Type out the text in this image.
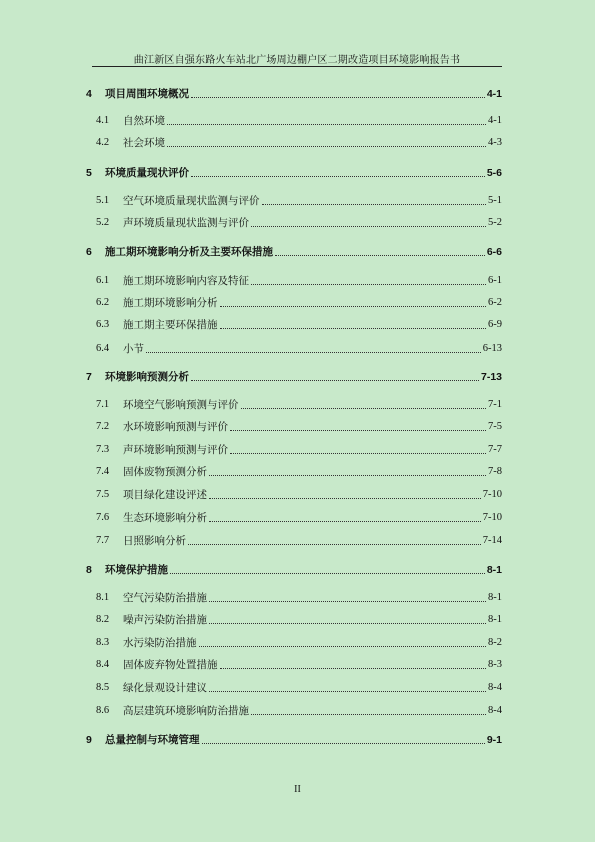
曲江新区自强东路火车站北广场周边棚户区二期改造项目环境影响报告书
4	项目周围环境概况	4-1
4.1	自然环境	4-1
4.2	社会环境	4-3
5	环境质量现状评价	5-6
5.1	空气环境质量现状监测与评价	5-1
5.2	声环境质量现状监测与评价	5-2
6	施工期环境影响分析及主要环保措施	6-6
6.1	施工期环境影响内容及特征	6-1
6.2	施工期环境影响分析	6-2
6.3	施工期主要环保措施	6-9
6.4	小节	6-13
7	环境影响预测分析	7-13
7.1	环境空气影响预测与评价	7-1
7.2	水环境影响预测与评价	7-5
7.3	声环境影响预测与评价	7-7
7.4	固体废物预测分析	7-8
7.5	项目绿化建设评述	7-10
7.6	生态环境影响分析	7-10
7.7	日照影响分析	7-14
8	环境保护措施	8-1
8.1	空气污染防治措施	8-1
8.2	噪声污染防治措施	8-1
8.3	水污染防治措施	8-2
8.4	固体废弃物处置措施	8-3
8.5	绿化景观设计建议	8-4
8.6	高层建筑环境影响防治措施	8-4
9	总量控制与环境管理	9-1
II
